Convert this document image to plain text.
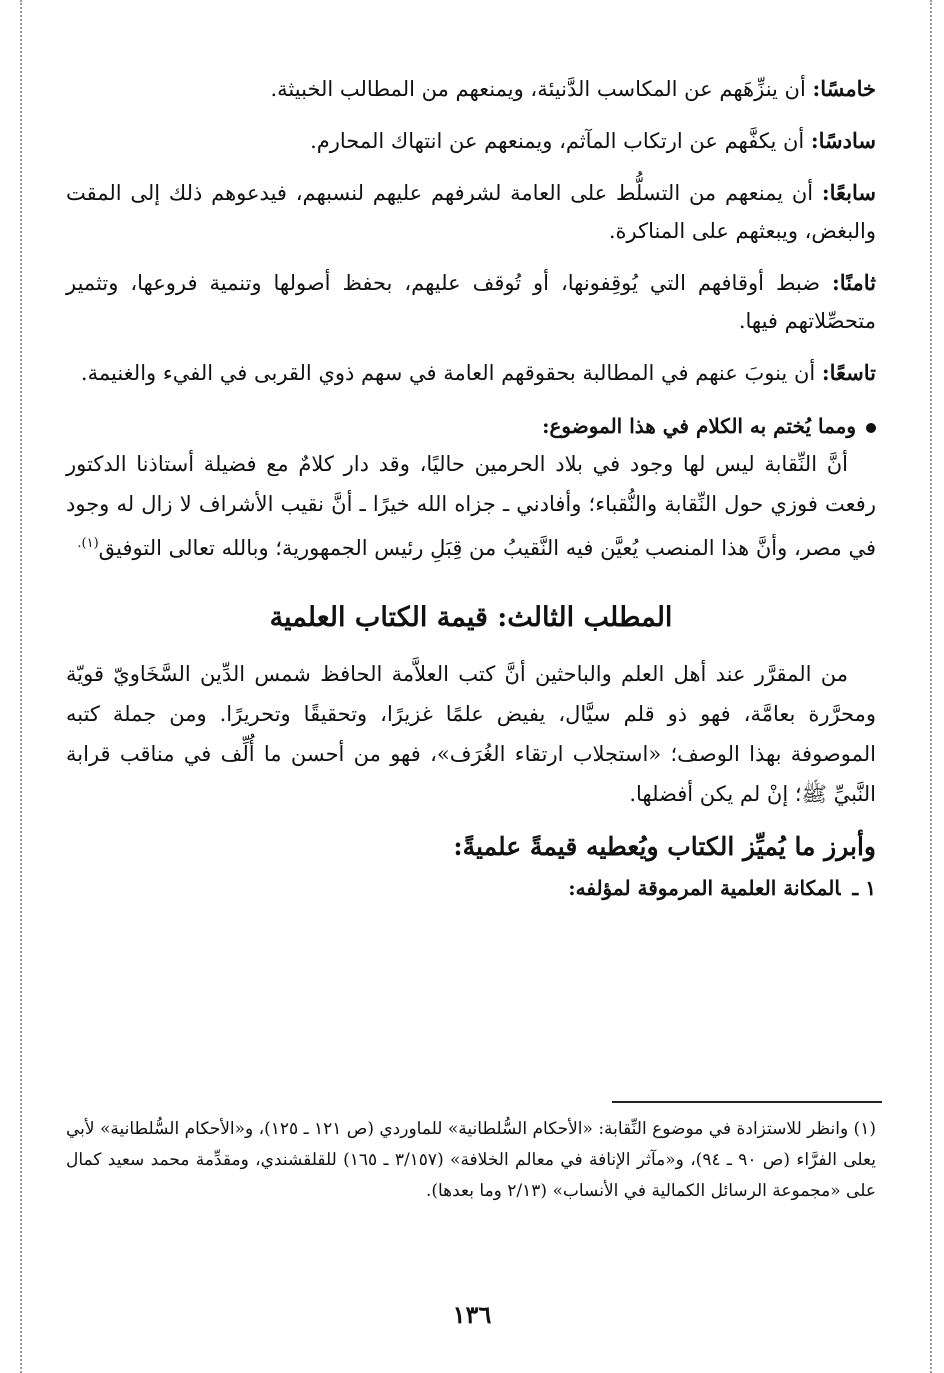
خامسًا: أن ينزِّهَهم عن المكاسب الدَّنيئة، ويمنعهم من المطالب الخبيثة.

سادسًا: أن يكفَّهم عن ارتكاب المآثم، ويمنعهم عن انتهاك المحارم.

سابعًا: أن يمنعهم من التسلُّط على العامة لشرفهم عليهم لنسبهم، فيدعوهم ذلك إلى المقت والبغض، ويبعثهم على المناكرة.

ثامنًا: ضبط أوقافهم التي يُوقِفونها، أو تُوقف عليهم، بحفظ أصولها وتنمية فروعها، وتثمير متحصِّلاتهم فيها.

تاسعًا: أن ينوبَ عنهم في المطالبة بحقوقهم العامة في سهم ذوي القربى في الفيء والغنيمة.

ومما يُختم به الكلام في هذا الموضوع:

أنَّ النِّقابة ليس لها وجود في بلاد الحرمين حاليًا، وقد دار كلامٌ مع فضيلة أستاذنا الدكتور رفعت فوزي حول النِّقابة والنُّقباء؛ وأفادني ـ جزاه الله خيرًا ـ أنَّ نقيب الأشراف لا زال له وجود في مصر، وأنَّ هذا المنصب يُعيَّن فيه النَّقيبُ من قِبَلِ رئيس الجمهورية؛ وبالله تعالى التوفيق$^{(١).}$

المطلب الثالث: قيمة الكتاب العلمية

من المقرَّر عند أهل العلم والباحثين أنَّ كتب العلاَّمة الحافظ شمس الدِّين السَّخَاويّ قويّة ومحرَّرة بعامَّة، فهو ذو قلم سيَّال، يفيض علمًا غزيرًا، وتحقيقًا وتحريرًا. ومن جملة كتبه الموصوفة بهذا الوصف؛ «استجلاب ارتقاء الغُرَف»، فهو من أحسن ما أُلِّف في مناقب قرابة النَّبيِّ ﷺ؛ إنْ لم يكن أفضلها.

وأبرز ما يُميِّز الكتاب ويُعطيه قيمةً علميةً:

١ ـالمكانة العلمية المرموقة لمؤلفه:

(١) وانظر للاستزادة في موضوع النِّقابة: «الأحكام السُّلطانية» للماوردي (ص ١٢١ ـ ١٢٥)، و«الأحكام السُّلطانية» لأبي يعلى الفرَّاء (ص ٩٠ ـ ٩٤)، و«مآثر الإنافة في معالم الخلافة» (٣/١٥٧ ـ ١٦٥) للقلقشندي، ومقدِّمة محمد سعيد كمال على «مجموعة الرسائل الكمالية في الأنساب» (٢/١٣ وما بعدها).

١٣٦
